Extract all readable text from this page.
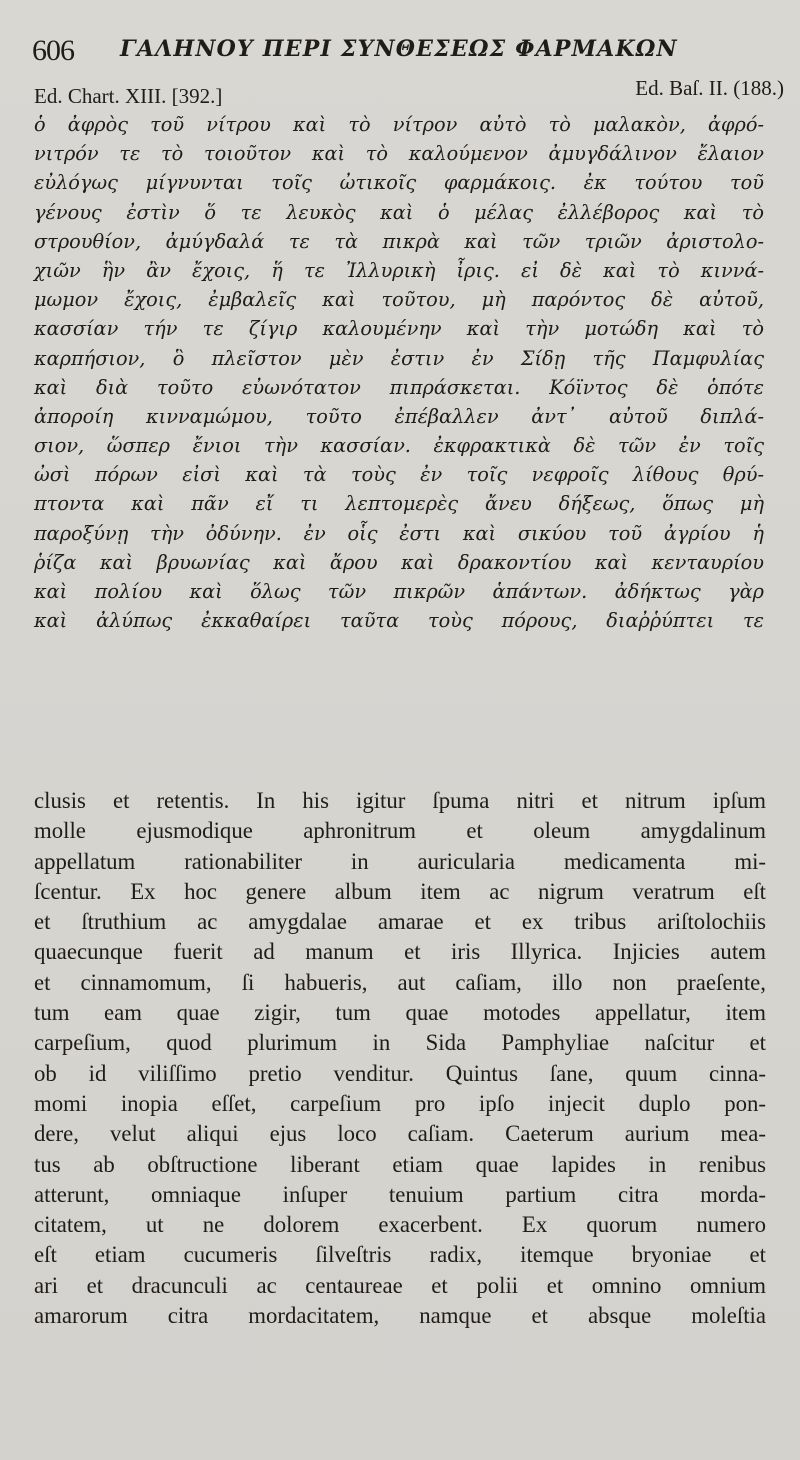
606 ΓΑΛΗΝΟΥ ΠΕΡΙ ΣΥΝΘΕΣΕΩΣ ΦΑΡΜΑΚΩΝ
Ed. Chart. XIII. [392.]	Ed. Baſ. II. (188.)
ὁ ἀφρὸς τοῦ νίτρου καὶ τὸ νίτρον αὐτὸ τὸ μαλακὸν, ἀφρό-
νιτρόν τε τὸ τοιοῦτον καὶ τὸ καλούμενον ἀμυγδάλινον ἔλαιον
εὐλόγως μίγνυνται τοῖς ὠτικοῖς φαρμάκοις. ἐκ τούτου τοῦ
γένους ἐστὶν ὅ τε λευκὸς καὶ ὁ μέλας ἐλλέβορος καὶ τὸ
στρουθίον, ἀμύγδαλά τε τὰ πικρὰ καὶ τῶν τριῶν ἀριστολο-
χιῶν ἣν ἂν ἔχοις, ἥ τε Ἰλλυρικὴ ἶρις. εἰ δὲ καὶ τὸ κιννά-
μωμον ἔχοις, ἐμβαλεῖς καὶ τοῦτου, μὴ παρόντος δὲ αὐτοῦ,
κασσίαν τήν τε ζίγιρ καλουμένην καὶ τὴν μοτώδη καὶ τὸ
καρπήσιον, ὃ πλεῖστον μὲν ἐστιν ἐν Σίδῃ τῆς Παμφυλίας
καὶ διὰ τοῦτο εὐωνότατον πιπράσκεται. Κόϊντος δὲ ὁπότε
ἀποροίη κινναμώμου, τοῦτο ἐπέβαλλεν ἀντ᾽ αὐτοῦ διπλά-
σιον, ὥσπερ ἔνιοι τὴν κασσίαν. ἐκφρακτικὰ δὲ τῶν ἐν τοῖς
ὠσὶ πόρων εἰσὶ καὶ τὰ τοὺς ἐν τοῖς νεφροῖς λίθους θρύ-
πτοντα καὶ πᾶν εἴ τι λεπτομερὲς ἄνευ δήξεως, ὅπως μὴ
παροξύνῃ τὴν ὀδύνην. ἐν οἷς ἐστι καὶ σικύου τοῦ ἀγρίου ἡ
ῥίζα καὶ βρυωνίας καὶ ἄρου καὶ δρακοντίου καὶ κενταυρίου
καὶ πολίου καὶ ὅλως τῶν πικρῶν ἁπάντων. ἀδήκτως γὰρ
καὶ ἀλύπως ἐκκαθαίρει ταῦτα τοὺς πόρους, διαῤῥύπτει τε
clusis et retentis. In his igitur ſpuma nitri et nitrum ipſum
molle ejusmodique aphronitrum et oleum amygdalinum
appellatum rationabiliter in auricularia medicamenta mi-
ſcentur. Ex hoc genere album item ac nigrum veratrum eſt
et ſtruthium ac amygdalae amarae et ex tribus ariſtolochiis
quaecunque fuerit ad manum et iris Illyrica. Injicies autem
et cinnamomum, ſi habueris, aut caſiam, illo non praeſente,
tum eam quae zigir, tum quae motodes appellatur, item
carpeſium, quod plurimum in Sida Pamphyliae naſcitur et
ob id viliſſimo pretio venditur. Quintus ſane, quum cinna-
momi inopia eſſet, carpeſium pro ipſo injecit duplo pon-
dere, velut aliqui ejus loco caſiam. Caeterum aurium mea-
tus ab obſtructione liberant etiam quae lapides in renibus
atterunt, omniaque inſuper tenuium partium citra morda-
citatem, ut ne dolorem exacerbent. Ex quorum numero
eſt etiam cucumeris ſilveſtris radix, itemque bryoniae et
ari et dracunculi ac centaureae et polii et omnino omnium
amarorum citra mordacitatem, namque et absque moleſtia
